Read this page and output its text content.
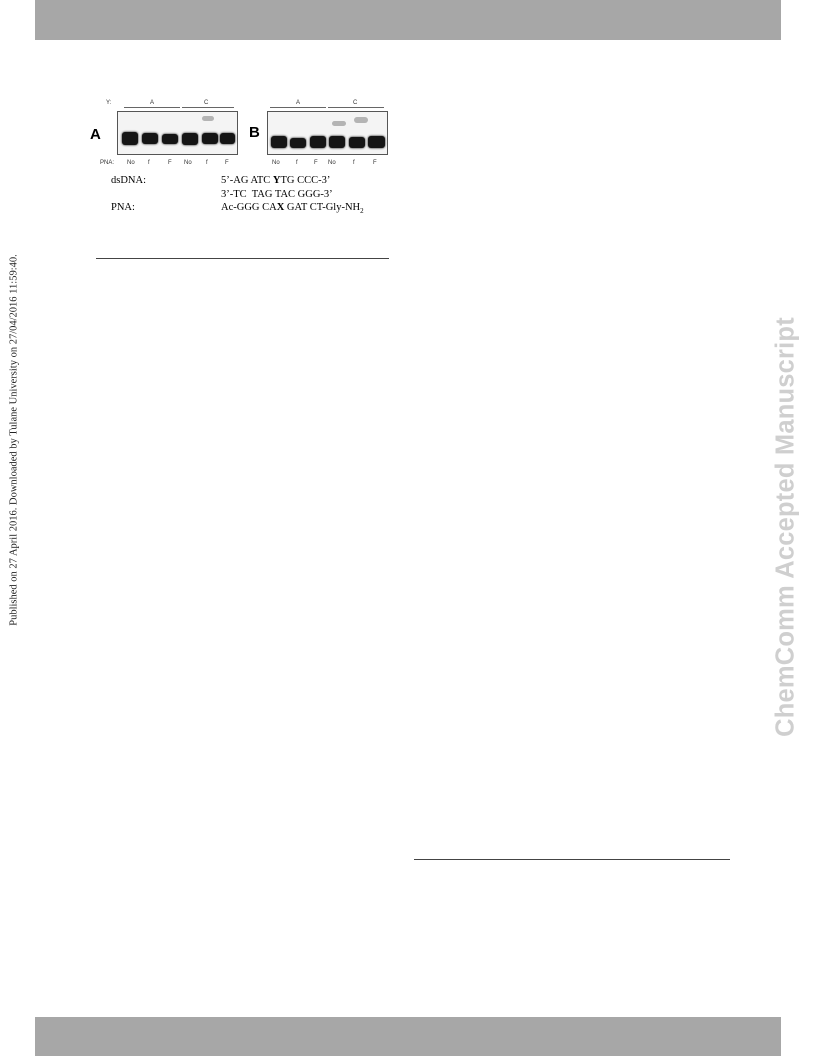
Published on 27 April 2016. Downloaded by Tulane University on 27/04/2016 11:59:40.	ChemComm Accepted Manuscript
Y:	A	C	A	C
A	B
PNA: No f	F No f	F	No	f	F No	f	F
dsDNA:	5’-AG ATC YTG CCC-3’
3’-TC  TAG TAC GGG-3’
PNA:	Ac-GGG CAX GAT $CT-Gly-NH_2$
